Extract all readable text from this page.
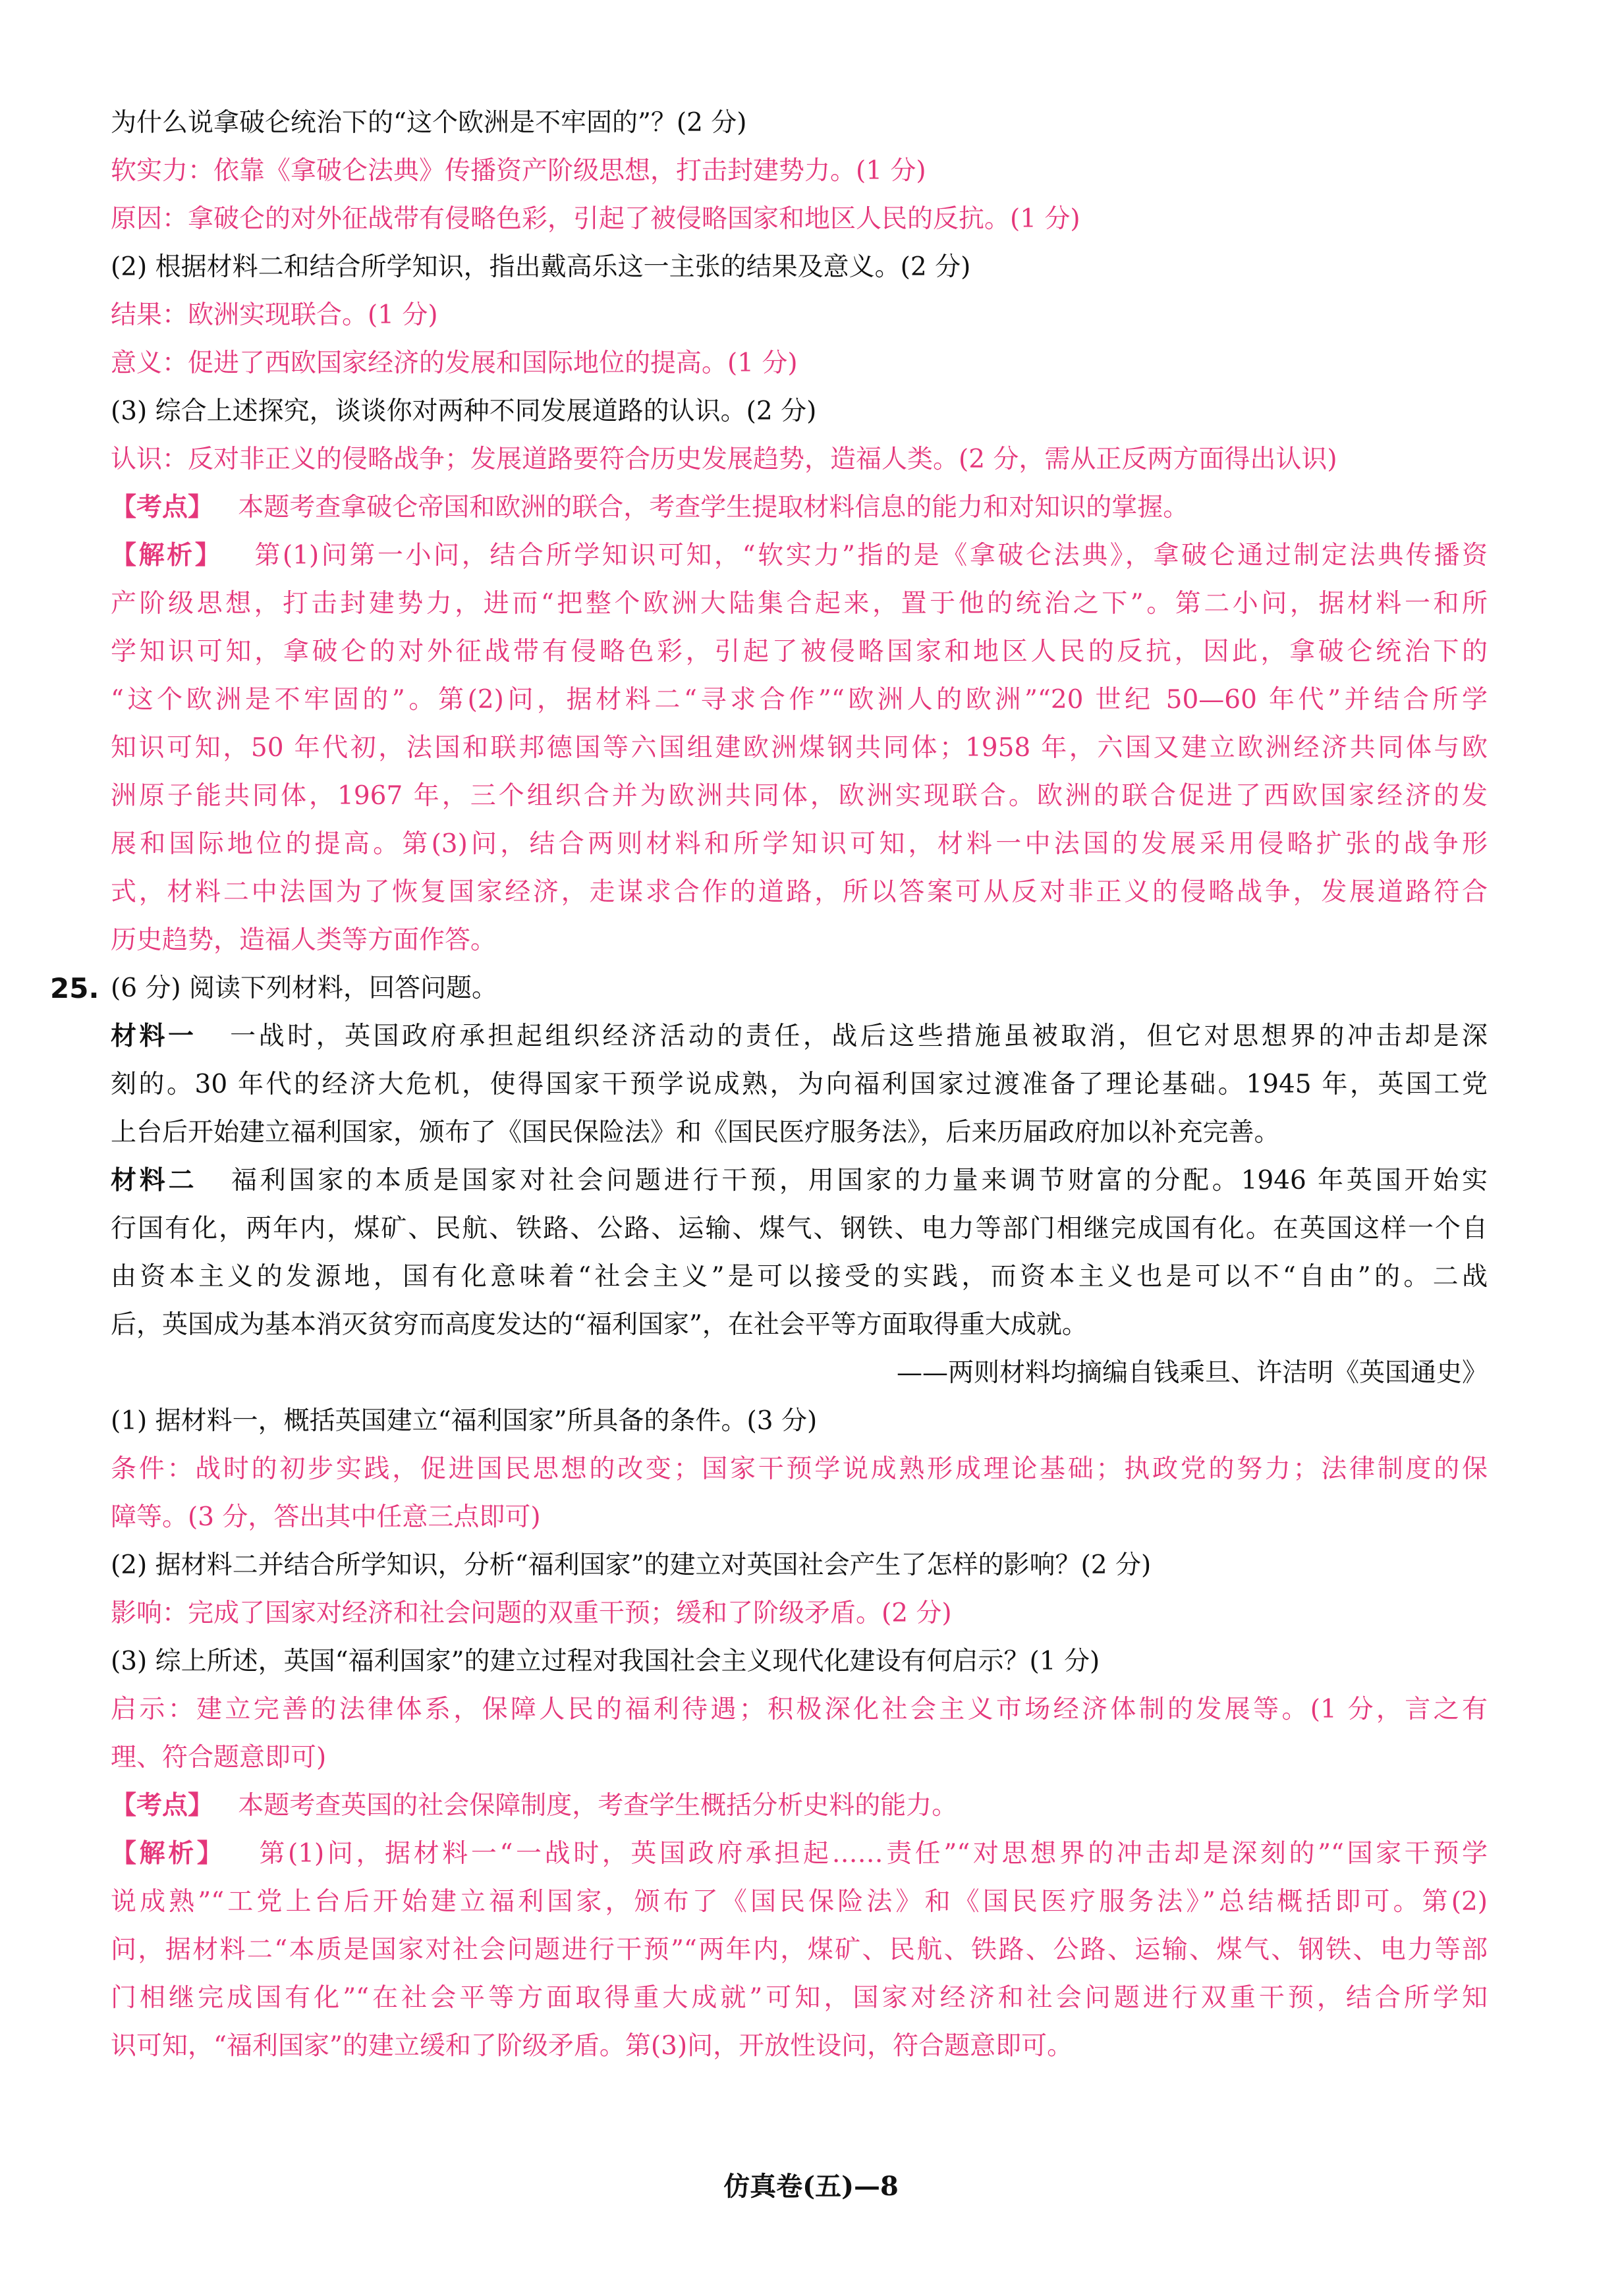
为什么说拿破仑统治下的“这个欧洲是不牢固的”？(2 分)
软实力：依靠《拿破仑法典》传播资产阶级思想，打击封建势力。(1 分)
原因：拿破仑的对外征战带有侵略色彩，引起了被侵略国家和地区人民的反抗。(1 分)
(2) 根据材料二和结合所学知识，指出戴高乐这一主张的结果及意义。(2 分)
结果：欧洲实现联合。(1 分)
意义：促进了西欧国家经济的发展和国际地位的提高。(1 分)
(3) 综合上述探究，谈谈你对两种不同发展道路的认识。(2 分)
认识：反对非正义的侵略战争；发展道路要符合历史发展趋势，造福人类。(2 分，需从正反两方面得出认识)
【考点】 本题考查拿破仑帝国和欧洲的联合，考查学生提取材料信息的能力和对知识的掌握。
【解析】 第(1)问第一小问，结合所学知识可知，“软实力”指的是《拿破仑法典》，拿破仑通过制定法典传播资
产阶级思想，打击封建势力，进而“把整个欧洲大陆集合起来，置于他的统治之下”。第二小问，据材料一和所
学知识可知，拿破仑的对外征战带有侵略色彩，引起了被侵略国家和地区人民的反抗，因此，拿破仑统治下的
“这个欧洲是不牢固的”。第(2)问，据材料二“寻求合作”“欧洲人的欧洲”“20 世纪 50—60 年代”并结合所学
知识可知，50 年代初，法国和联邦德国等六国组建欧洲煤钢共同体；1958 年，六国又建立欧洲经济共同体与欧
洲原子能共同体，1967 年，三个组织合并为欧洲共同体，欧洲实现联合。欧洲的联合促进了西欧国家经济的发
展和国际地位的提高。第(3)问，结合两则材料和所学知识可知，材料一中法国的发展采用侵略扩张的战争形
式，材料二中法国为了恢复国家经济，走谋求合作的道路，所以答案可从反对非正义的侵略战争，发展道路符合
历史趋势，造福人类等方面作答。
25. (6 分) 阅读下列材料，回答问题。
材料一 一战时，英国政府承担起组织经济活动的责任，战后这些措施虽被取消，但它对思想界的冲击却是深
刻的。30 年代的经济大危机，使得国家干预学说成熟，为向福利国家过渡准备了理论基础。1945 年，英国工党
上台后开始建立福利国家，颁布了《国民保险法》和《国民医疗服务法》，后来历届政府加以补充完善。
材料二 福利国家的本质是国家对社会问题进行干预，用国家的力量来调节财富的分配。1946 年英国开始实
行国有化，两年内，煤矿、民航、铁路、公路、运输、煤气、钢铁、电力等部门相继完成国有化。在英国这样一个自
由资本主义的发源地，国有化意味着“社会主义”是可以接受的实践，而资本主义也是可以不“自由”的。二战
后，英国成为基本消灭贫穷而高度发达的“福利国家”，在社会平等方面取得重大成就。
——两则材料均摘编自钱乘旦、许洁明《英国通史》
(1) 据材料一，概括英国建立“福利国家”所具备的条件。(3 分)
条件：战时的初步实践，促进国民思想的改变；国家干预学说成熟形成理论基础；执政党的努力；法律制度的保
障等。(3 分，答出其中任意三点即可)
(2) 据材料二并结合所学知识，分析“福利国家”的建立对英国社会产生了怎样的影响？(2 分)
影响：完成了国家对经济和社会问题的双重干预；缓和了阶级矛盾。(2 分)
(3) 综上所述，英国“福利国家”的建立过程对我国社会主义现代化建设有何启示？(1 分)
启示：建立完善的法律体系，保障人民的福利待遇；积极深化社会主义市场经济体制的发展等。(1 分，言之有
理、符合题意即可)
【考点】 本题考查英国的社会保障制度，考查学生概括分析史料的能力。
【解析】 第(1)问，据材料一“一战时，英国政府承担起……责任”“对思想界的冲击却是深刻的”“国家干预学
说成熟”“工党上台后开始建立福利国家，颁布了《国民保险法》和《国民医疗服务法》”总结概括即可。第(2)
问，据材料二“本质是国家对社会问题进行干预”“两年内，煤矿、民航、铁路、公路、运输、煤气、钢铁、电力等部
门相继完成国有化”“在社会平等方面取得重大成就”可知，国家对经济和社会问题进行双重干预，结合所学知
识可知，“福利国家”的建立缓和了阶级矛盾。第(3)问，开放性设问，符合题意即可。
仿真卷(五)—8
